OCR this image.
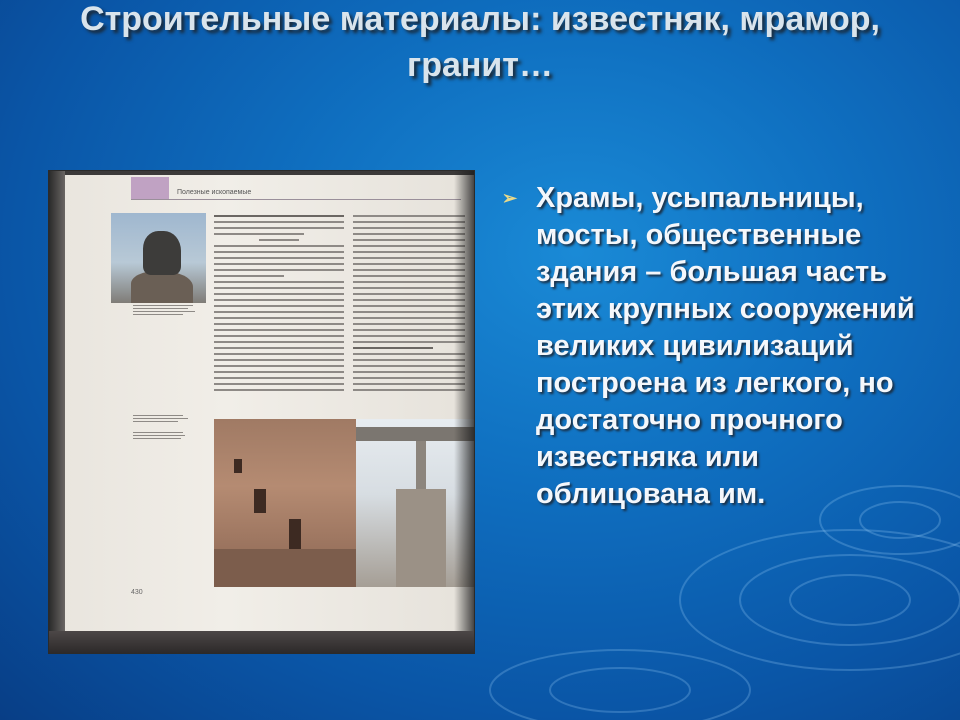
Строительные материалы: известняк, мрамор, гранит…
Полезные ископаемые
430
➢ Храмы, усыпальницы, мосты, общественные здания – большая часть этих крупных сооружений великих цивилизаций построена из легкого, но достаточно прочного известняка или облицована им.
